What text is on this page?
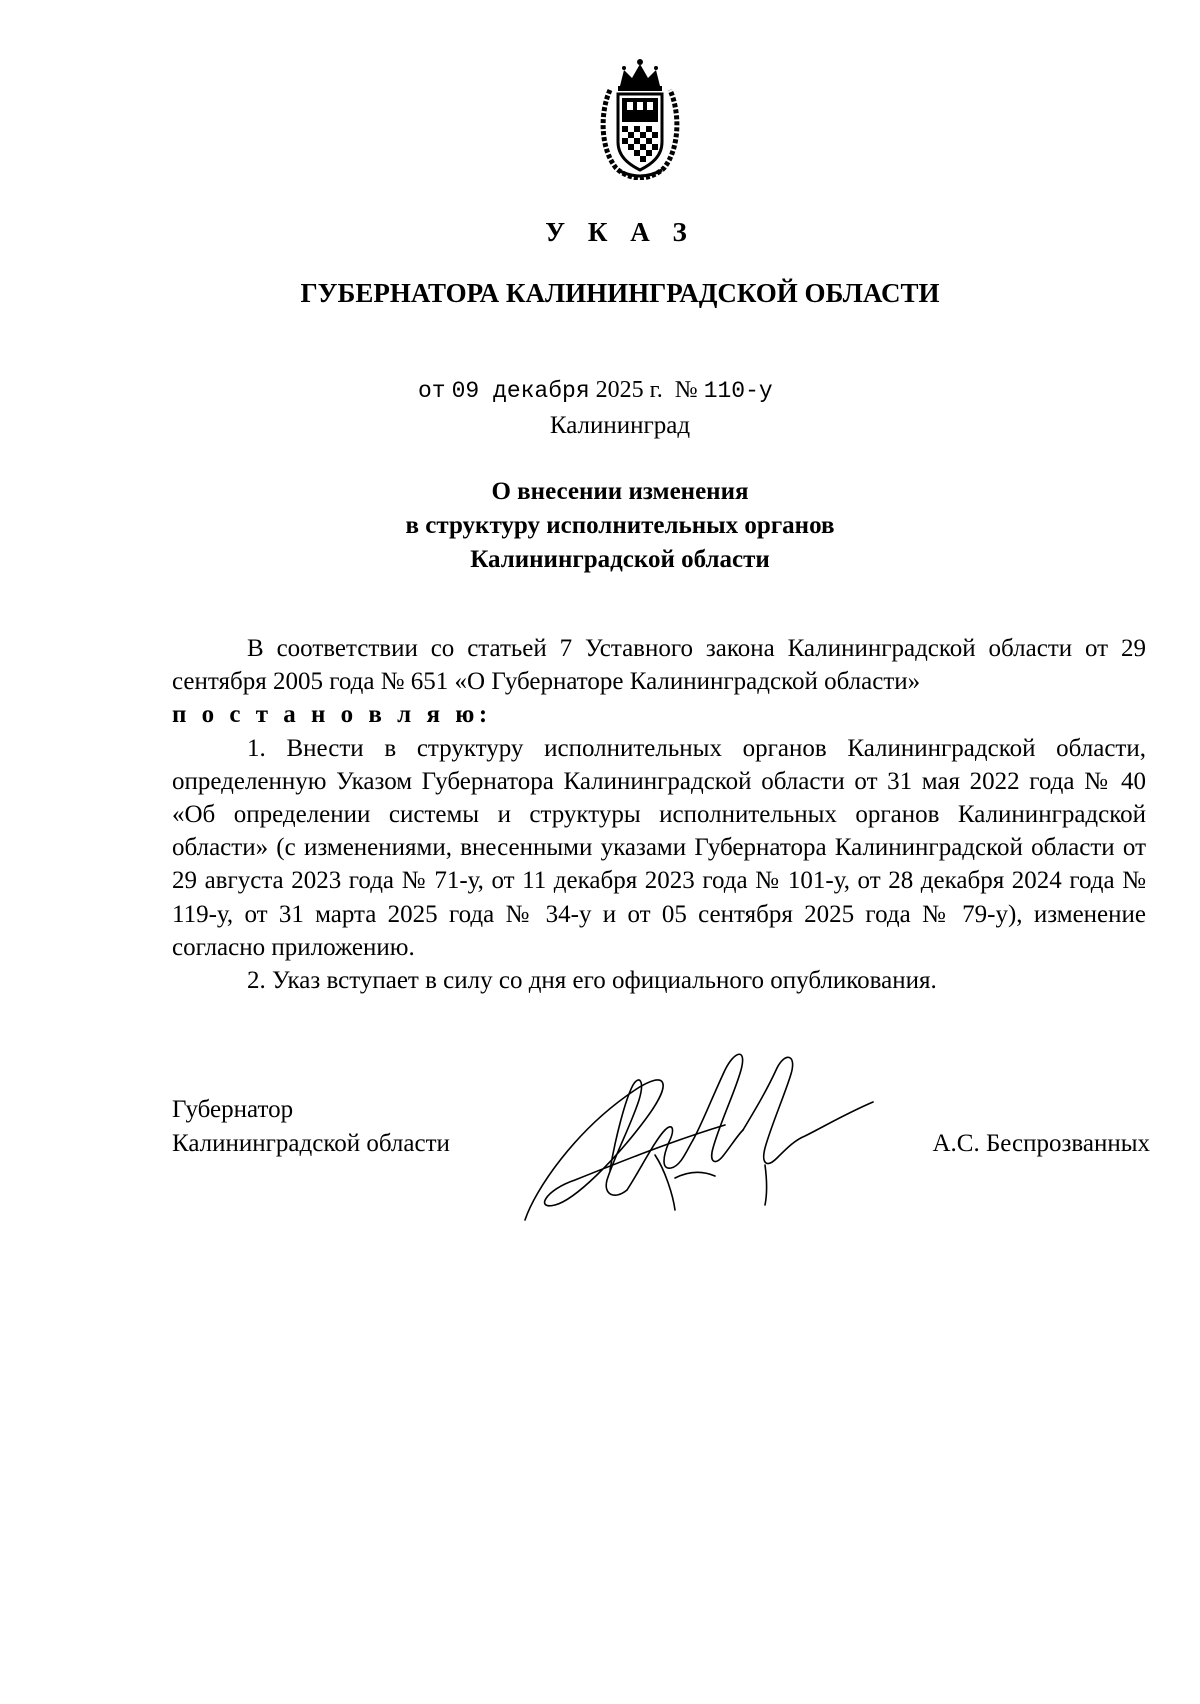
У К А З
ГУБЕРНАТОРА КАЛИНИНГРАДСКОЙ ОБЛАСТИ
от 09 декабря 2025 г. № 110-у
Калининград
О внесении изменения
в структуру исполнительных органов
Калининградской области

В соответствии со статьей 7 Уставного закона Калининградской области от 29 сентября 2005 года № 651 «О Губернаторе Калининградской области»

п о с т а н о в л я ю:

1. Внести в структуру исполнительных органов Калининградской области, определенную Указом Губернатора Калининградской области от 31 мая 2022 года № 40 «Об определении системы и структуры исполнительных органов Калининградской области» (с изменениями, внесенными указами Губернатора Калининградской области от 29 августа 2023 года № 71-у, от 11 декабря 2023 года № 101-у, от 28 декабря 2024 года № 119-у, от 31 марта 2025 года № 34-у и от 05 сентября 2025 года № 79-у), изменение согласно приложению.

2. Указ вступает в силу со дня его официального опубликования.

Губернатор
Калининградской области	А.С. Беспрозванных
